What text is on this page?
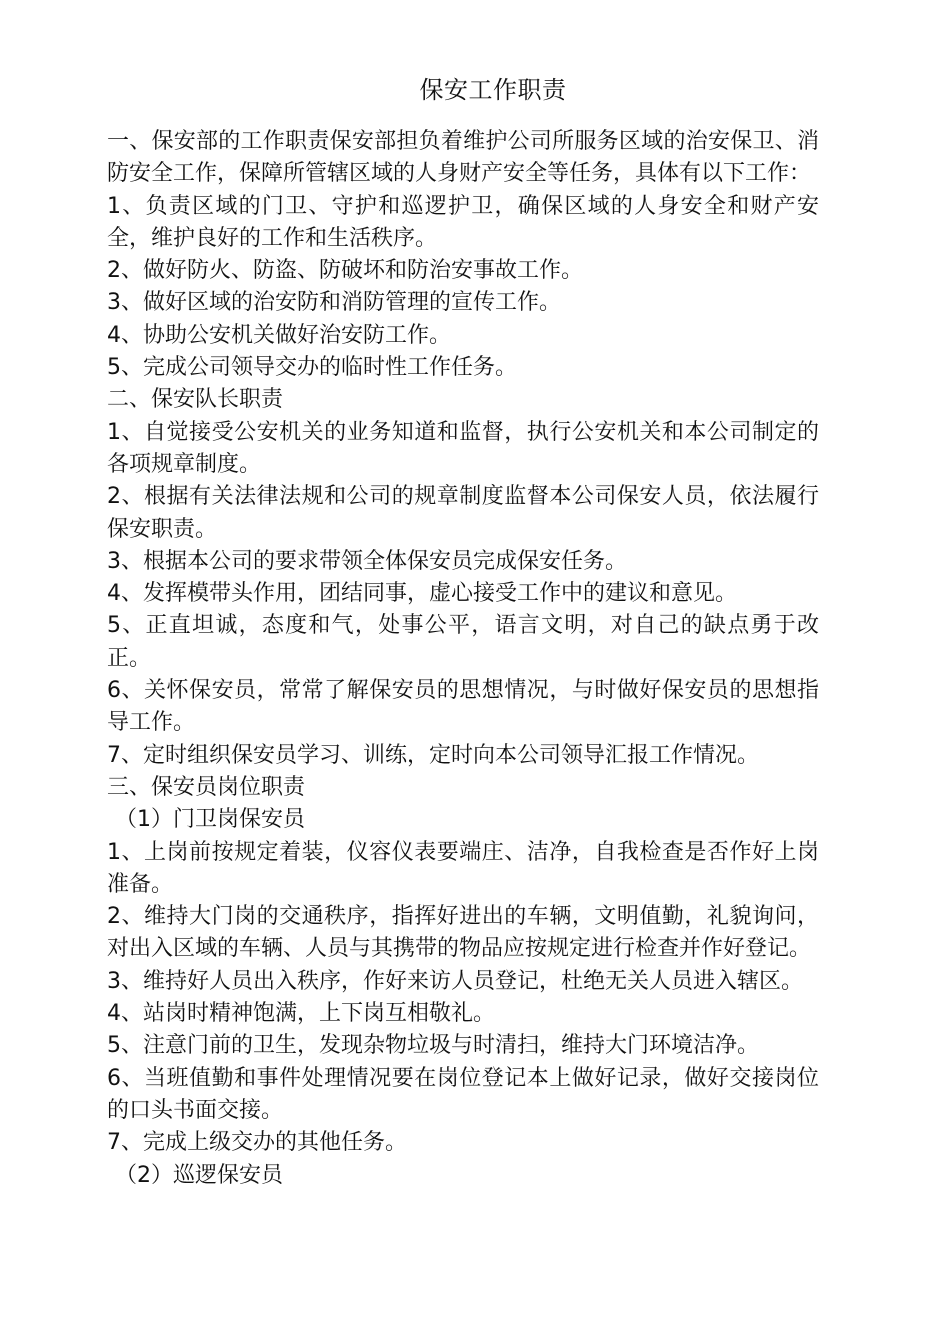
保安工作职责

一、保安部的工作职责保安部担负着维护公司所服务区域的治安保卫、消防安全工作，保障所管辖区域的人身财产安全等任务，具体有以下工作：

1、负责区域的门卫、守护和巡逻护卫，确保区域的人身安全和财产安全，维护良好的工作和生活秩序。

2、做好防火、防盗、防破坏和防治安事故工作。

3、做好区域的治安防和消防管理的宣传工作。

4、协助公安机关做好治安防工作。

5、完成公司领导交办的临时性工作任务。

二、保安队长职责

1、自觉接受公安机关的业务知道和监督，执行公安机关和本公司制定的各项规章制度。

2、根据有关法律法规和公司的规章制度监督本公司保安人员，依法履行保安职责。

3、根据本公司的要求带领全体保安员完成保安任务。

4、发挥模带头作用，团结同事，虚心接受工作中的建议和意见。

5、正直坦诚，态度和气，处事公平，语言文明，对自己的缺点勇于改正。

6、关怀保安员，常常了解保安员的思想情况，与时做好保安员的思想指导工作。

7、定时组织保安员学习、训练，定时向本公司领导汇报工作情况。

三、保安员岗位职责

（1）门卫岗保安员

1、上岗前按规定着装，仪容仪表要端庄、洁净，自我检查是否作好上岗准备。

2、维持大门岗的交通秩序，指挥好进出的车辆，文明值勤，礼貌询问，对出入区域的车辆、人员与其携带的物品应按规定进行检查并作好登记。

3、维持好人员出入秩序，作好来访人员登记，杜绝无关人员进入辖区。

4、站岗时精神饱满，上下岗互相敬礼。

5、注意门前的卫生，发现杂物垃圾与时清扫，维持大门环境洁净。

6、当班值勤和事件处理情况要在岗位登记本上做好记录，做好交接岗位的口头书面交接。

7、完成上级交办的其他任务。

（2）巡逻保安员
